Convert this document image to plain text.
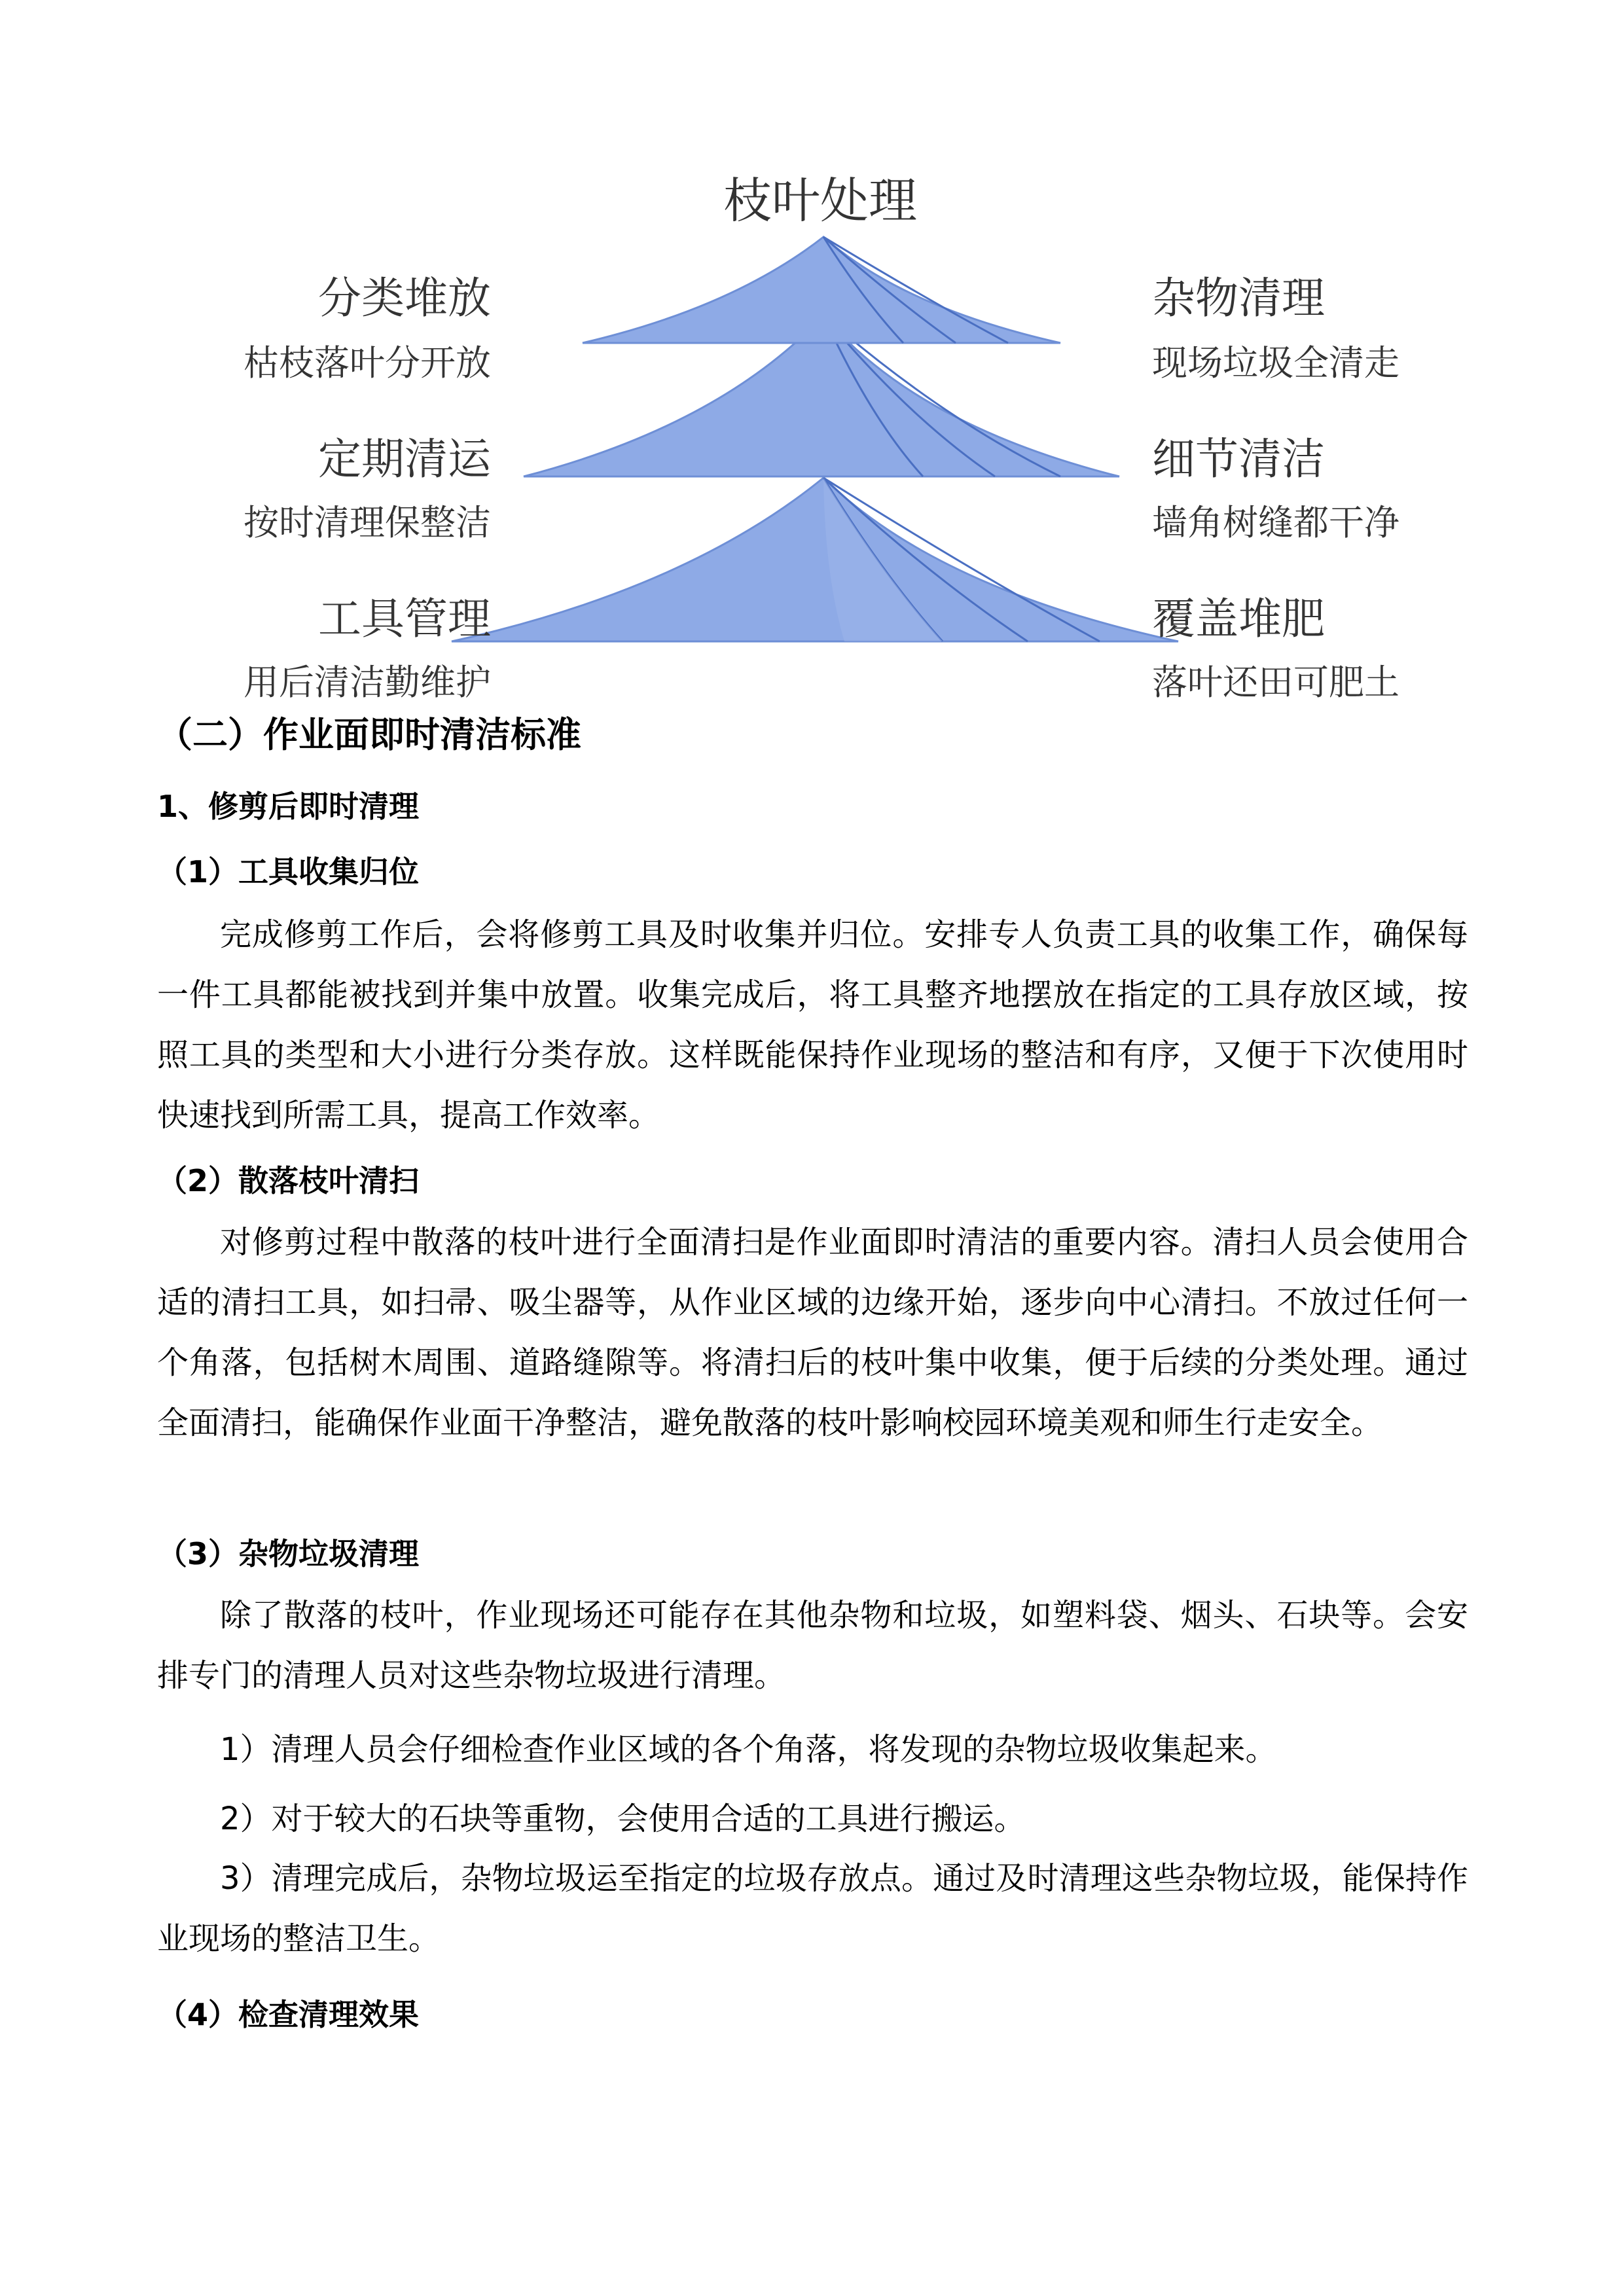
枝叶处理
分类堆放
枯枝落叶分开放
定期清运
按时清理保整洁
工具管理
用后清洁勤维护
杂物清理
现场垃圾全清走
细节清洁
墙角树缝都干净
覆盖堆肥
落叶还田可肥土
（二）作业面即时清洁标准
1、修剪后即时清理
（1）工具收集归位
完成修剪工作后，会将修剪工具及时收集并归位。安排专人负责工具的收集工作，确保每一件工具都能被找到并集中放置。收集完成后，将工具整齐地摆放在指定的工具存放区域，按照工具的类型和大小进行分类存放。这样既能保持作业现场的整洁和有序，又便于下次使用时快速找到所需工具，提高工作效率。
（2）散落枝叶清扫
对修剪过程中散落的枝叶进行全面清扫是作业面即时清洁的重要内容。清扫人员会使用合适的清扫工具，如扫帚、吸尘器等，从作业区域的边缘开始，逐步向中心清扫。不放过任何一个角落，包括树木周围、道路缝隙等。将清扫后的枝叶集中收集，便于后续的分类处理。通过全面清扫，能确保作业面干净整洁，避免散落的枝叶影响校园环境美观和师生行走安全。
（3）杂物垃圾清理
除了散落的枝叶，作业现场还可能存在其他杂物和垃圾，如塑料袋、烟头、石块等。会安排专门的清理人员对这些杂物垃圾进行清理。
1）清理人员会仔细检查作业区域的各个角落，将发现的杂物垃圾收集起来。
2）对于较大的石块等重物，会使用合适的工具进行搬运。
3）清理完成后，杂物垃圾运至指定的垃圾存放点。通过及时清理这些杂物垃圾，能保持作业现场的整洁卫生。
（4）检查清理效果
